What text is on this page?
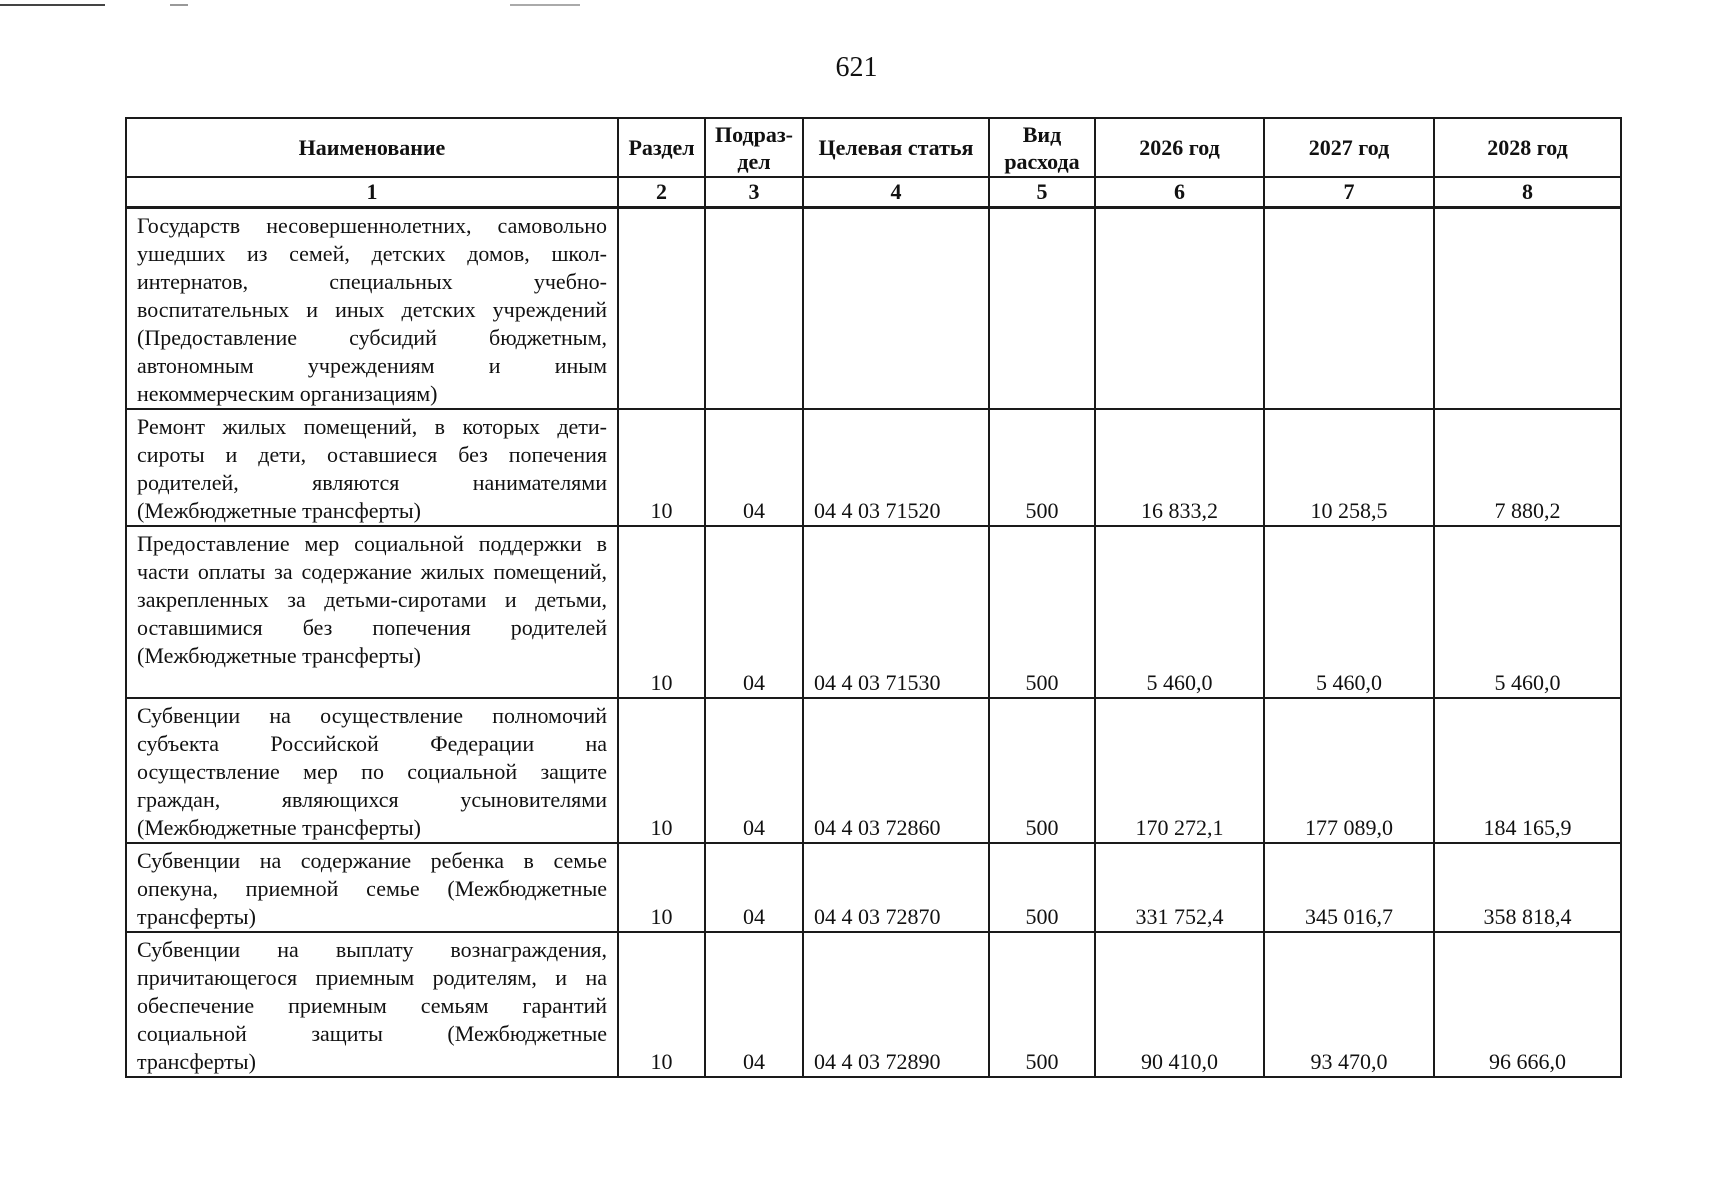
621
Наименование	Раздел	Подраз-дел	Целевая статья	Вид расхода	2026 год	2027 год	2028 год
1	2	3	4	5	6	7	8
Государств несовершеннолетних, самовольно ушедших из семей, детских домов, школ-интернатов, специальных учебно-воспитательных и иных детских учреждений (Предоставление субсидий бюджетным, автономным учреждениям и иным некоммерческим организациям)							
Ремонт жилых помещений, в которых дети-сироты и дети, оставшиеся без попечения родителей, являются нанимателями (Межбюджетные трансферты)	10	04	04 4 03 71520	500	16 833,2	10 258,5	7 880,2
Предоставление мер социальной поддержки в части оплаты за содержание жилых помещений, закрепленных за детьми-сиротами и детьми, оставшимися без попечения родителей (Межбюджетные трансферты)	10	04	04 4 03 71530	500	5 460,0	5 460,0	5 460,0
Субвенции на осуществление полномочий субъекта Российской Федерации на осуществление мер по социальной защите граждан, являющихся усыновителями (Межбюджетные трансферты)	10	04	04 4 03 72860	500	170 272,1	177 089,0	184 165,9
Субвенции на содержание ребенка в семье опекуна, приемной семье (Межбюджетные трансферты)	10	04	04 4 03 72870	500	331 752,4	345 016,7	358 818,4
Субвенции на выплату вознаграждения, причитающегося приемным родителям, и на обеспечение приемным семьям гарантий социальной защиты (Межбюджетные трансферты)	10	04	04 4 03 72890	500	90 410,0	93 470,0	96 666,0
